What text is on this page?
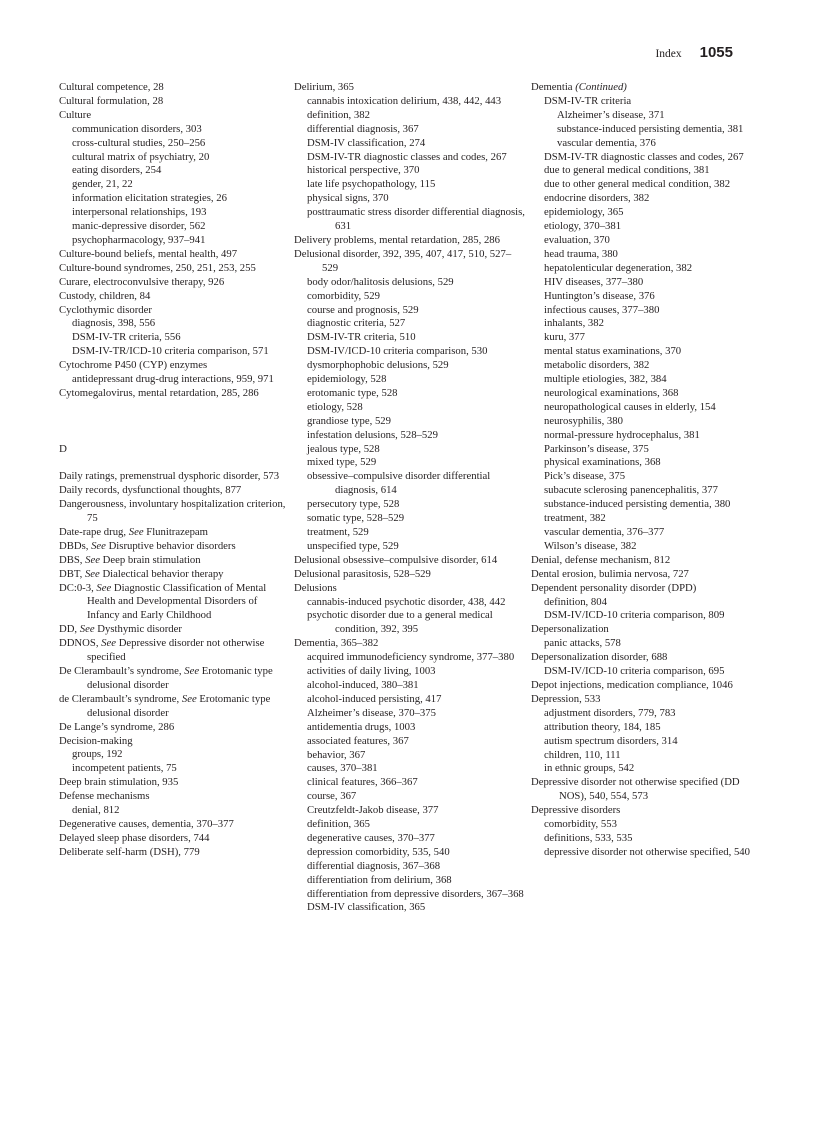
Index 1055

Cultural competence, 28

Cultural formulation, 28

Culture

communication disorders, 303

cross-cultural studies, 250–256

cultural matrix of psychiatry, 20

eating disorders, 254

gender, 21, 22

information elicitation strategies, 26

interpersonal relationships, 193

manic-depressive disorder, 562

psychopharmacology, 937–941

Culture-bound beliefs, mental health, 497

Culture-bound syndromes, 250, 251, 253, 255

Curare, electroconvulsive therapy, 926

Custody, children, 84

Cyclothymic disorder

diagnosis, 398, 556

DSM-IV-TR criteria, 556

DSM-IV-TR/ICD-10 criteria comparison, 571

Cytochrome P450 (CYP) enzymes

antidepressant drug-drug interactions, 959, 971

Cytomegalovirus, mental retardation, 285, 286

D

Daily ratings, premenstrual dysphoric disorder, 573

Daily records, dysfunctional thoughts, 877

Dangerousness, involuntary hospitalization criterion, 75

Date-rape drug, See Flunitrazepam

DBDs, See Disruptive behavior disorders

DBS, See Deep brain stimulation

DBT, See Dialectical behavior therapy

DC:0-3, See Diagnostic Classification of Mental Health and Developmental Disorders of Infancy and Early Childhood

DD, See Dysthymic disorder

DDNOS, See Depressive disorder not otherwise specified

De Clerambault’s syndrome, See Erotomanic type delusional disorder

de Clerambault’s syndrome, See Erotomanic type delusional disorder

De Lange’s syndrome, 286

Decision-making

groups, 192

incompetent patients, 75

Deep brain stimulation, 935

Defense mechanisms

denial, 812

Degenerative causes, dementia, 370–377

Delayed sleep phase disorders, 744

Deliberate self-harm (DSH), 779

Delirium, 365

cannabis intoxication delirium, 438, 442, 443

definition, 382

differential diagnosis, 367

DSM-IV classification, 274

DSM-IV-TR diagnostic classes and codes, 267

historical perspective, 370

late life psychopathology, 115

physical signs, 370

posttraumatic stress disorder differential diagnosis, 631

Delivery problems, mental retardation, 285, 286

Delusional disorder, 392, 395, 407, 417, 510, 527–529

body odor/halitosis delusions, 529

comorbidity, 529

course and prognosis, 529

diagnostic criteria, 527

DSM-IV-TR criteria, 510

DSM-IV/ICD-10 criteria comparison, 530

dysmorphophobic delusions, 529

epidemiology, 528

erotomanic type, 528

etiology, 528

grandiose type, 529

infestation delusions, 528–529

jealous type, 528

mixed type, 529

obsessive–compulsive disorder differential diagnosis, 614

persecutory type, 528

somatic type, 528–529

treatment, 529

unspecified type, 529

Delusional obsessive–compulsive disorder, 614

Delusional parasitosis, 528–529

Delusions

cannabis-induced psychotic disorder, 438, 442

psychotic disorder due to a general medical condition, 392, 395

Dementia, 365–382

acquired immunodeficiency syndrome, 377–380

activities of daily living, 1003

alcohol-induced, 380–381

alcohol-induced persisting, 417

Alzheimer’s disease, 370–375

antidementia drugs, 1003

associated features, 367

behavior, 367

causes, 370–381

clinical features, 366–367

course, 367

Creutzfeldt-Jakob disease, 377

definition, 365

degenerative causes, 370–377

depression comorbidity, 535, 540

differential diagnosis, 367–368

differentiation from delirium, 368

differentiation from depressive disorders, 367–368

DSM-IV classification, 365

Dementia (Continued)

DSM-IV-TR criteria

Alzheimer’s disease, 371

substance-induced persisting dementia, 381

vascular dementia, 376

DSM-IV-TR diagnostic classes and codes, 267

due to general medical conditions, 381

due to other general medical condition, 382

endocrine disorders, 382

epidemiology, 365

etiology, 370–381

evaluation, 370

head trauma, 380

hepatolenticular degeneration, 382

HIV diseases, 377–380

Huntington’s disease, 376

infectious causes, 377–380

inhalants, 382

kuru, 377

mental status examinations, 370

metabolic disorders, 382

multiple etiologies, 382, 384

neurological examinations, 368

neuropathological causes in elderly, 154

neurosyphilis, 380

normal-pressure hydrocephalus, 381

Parkinson’s disease, 375

physical examinations, 368

Pick’s disease, 375

subacute sclerosing panencephalitis, 377

substance-induced persisting dementia, 380

treatment, 382

vascular dementia, 376–377

Wilson’s disease, 382

Denial, defense mechanism, 812

Dental erosion, bulimia nervosa, 727

Dependent personality disorder (DPD)

definition, 804

DSM-IV/ICD-10 criteria comparison, 809

Depersonalization

panic attacks, 578

Depersonalization disorder, 688

DSM-IV/ICD-10 criteria comparison, 695

Depot injections, medication compliance, 1046

Depression, 533

adjustment disorders, 779, 783

attribution theory, 184, 185

autism spectrum disorders, 314

children, 110, 111

in ethnic groups, 542

Depressive disorder not otherwise specified (DD NOS), 540, 554, 573

Depressive disorders

comorbidity, 553

definitions, 533, 535

depressive disorder not otherwise specified, 540
